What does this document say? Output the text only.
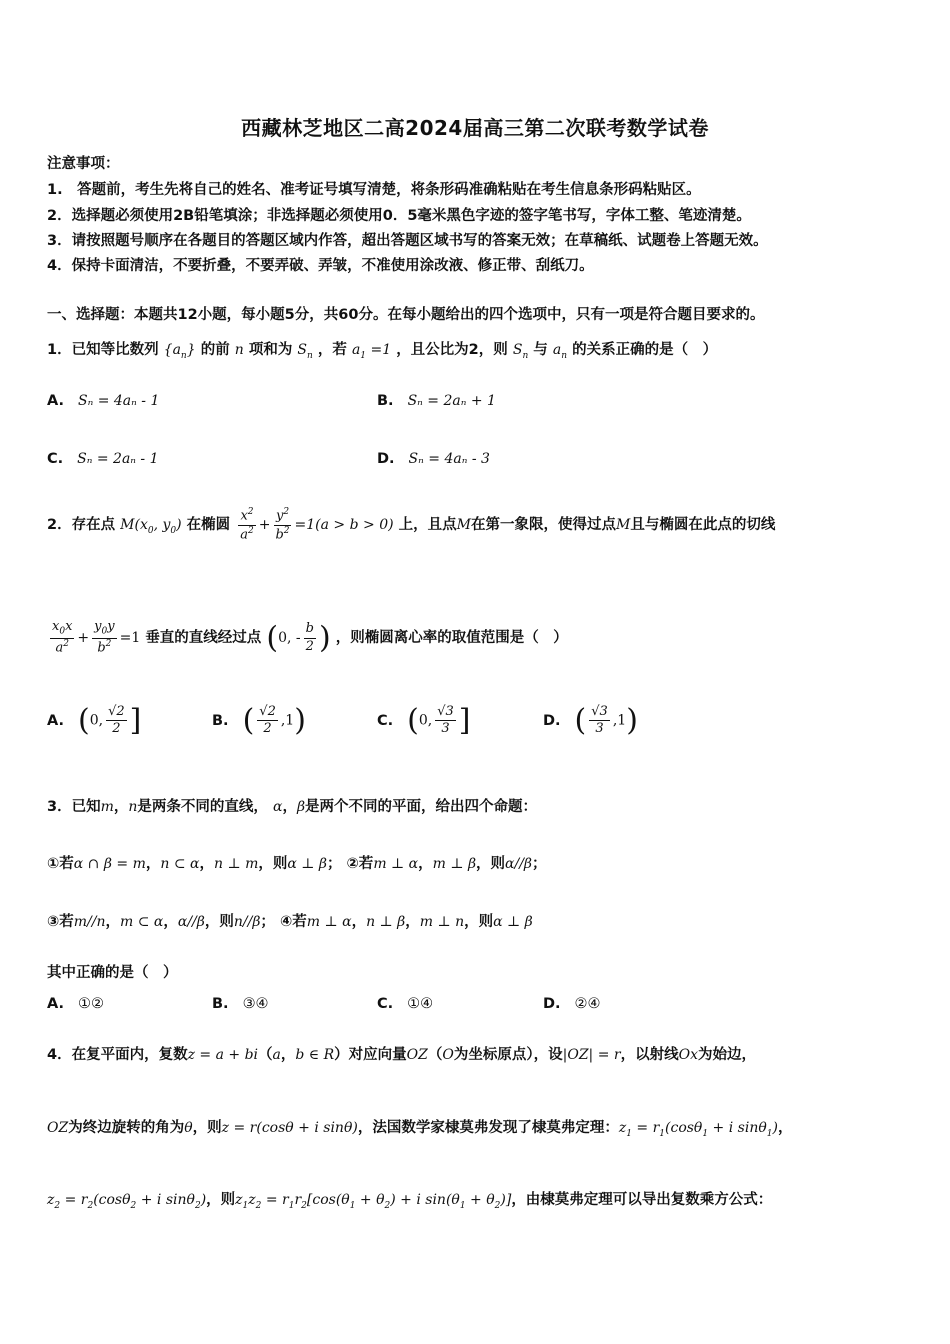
西藏林芝地区二高2024届高三第二次联考数学试卷
注意事项：
1.　答题前，考生先将自己的姓名、准考证号填写清楚，将条形码准确粘贴在考生信息条形码粘贴区。
2．选择题必须使用2B铅笔填涂；非选择题必须使用0．5毫米黑色字迹的签字笔书写，字体工整、笔迹清楚。
3．请按照题号顺序在各题目的答题区域内作答，超出答题区域书写的答案无效；在草稿纸、试题卷上答题无效。
4．保持卡面清洁，不要折叠，不要弄破、弄皱，不准使用涂改液、修正带、刮纸刀。
一、选择题：本题共12小题，每小题5分，共60分。在每小题给出的四个选项中，只有一项是符合题目要求的。
1．已知等比数列 $\{a_n\}$ 的前 n 项和为 $S_n$ ，若 $a_1 =1$ ，且公比为2，则 $S_n$ 与 $a_n$ 的关系正确的是（　）
A. Sₙ = 4aₙ - 1	B. Sₙ = 2aₙ + 1
C. Sₙ = 2aₙ - 1	D. Sₙ = 4aₙ - 3
2．存在点 $M(x_0$, $y_0$) 在椭圆 $\frac{x^2}{a^2} + \frac{y^2}{b^2} =1(a > b > 0)$ 上，且点M在第一象限，使得过点M且与椭圆在此点的切线
$\frac{x_0x}{a^2} + \frac{y_0y}{b^2} =1$ 垂直的直线经过点 (0, - $\frac{b}{2}$ ) ，则椭圆离心率的取值范围是（　）
A. (0, $\frac{√2}{2}$ ]	B. ( $\frac{√2}{2} ,1$)	C. (0, $\frac{√3}{3}$ ]	D. ( $\frac{√3}{3} ,1$)
3．已知m，n是两条不同的直线， α，β是两个不同的平面，给出四个命题：
①若α ∩ β = m，n ⊂ α，n ⊥ m，则α ⊥ β； ②若m ⊥ α，m ⊥ β，则α//β；
③若m//n，m ⊂ α，α//β，则n//β； ④若m ⊥ α，n ⊥ β，m ⊥ n，则α ⊥ β
其中正确的是（　）
A. ①②	B. ③④	C. ①④	D. ②④
4．在复平面内，复数z = a + bi（a，b ∈ R）对应向量OZ（O为坐标原点），设|OZ| = r，以射线Ox为始边，
OZ为终边旋转的角为θ，则z = r(cosθ + i sinθ)，法国数学家棣莫弗发现了棣莫弗定理：$z_1 = r_1(\cos\theta_1 + i$ sinθ$_1$)，
$z_2 = r_2(\cos\theta_2 + i$ sinθ$_2$)，则$z_1z_2 = r_1r_2[\cos(\theta_1 + \theta_2) + i$ $\sin(\theta_1 + \theta_2)$]，由棣莫弗定理可以导出复数乘方公式：
